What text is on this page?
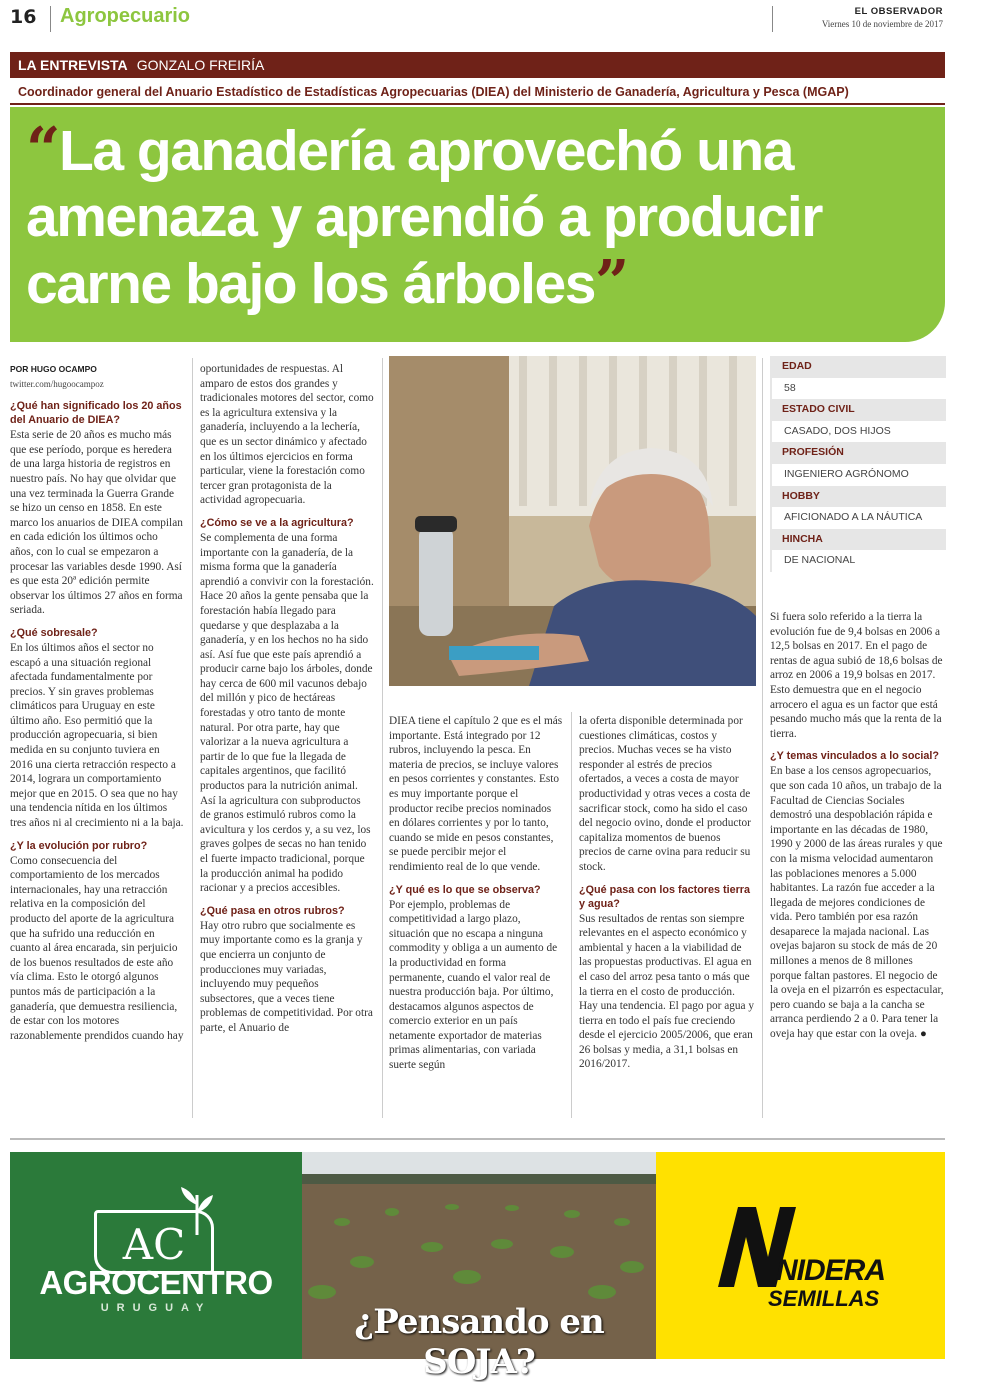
16 Agropecuario	EL OBSERVADOR
Viernes 10 de noviembre de 2017
LA ENTREVISTA GONZALO FREIRÍA
Coordinador general del Anuario Estadístico de Estadísticas Agropecuarias (DIEA) del Ministerio de Ganadería, Agricultura y Pesca (MGAP)
“La ganadería aprovechó una amenaza y aprendió a producir carne bajo los árboles”
POR HUGO OCAMPO
twitter.com/hugoocampoz
¿Qué han significado los 20 años del Anuario de DIEA?

Esta serie de 20 años es mucho más que ese período, porque es heredera de una larga historia de registros en nuestro país. No hay que olvidar que una vez terminada la Guerra Grande se hizo un censo en 1858. En este marco los anuarios de DIEA compilan en cada edición los últimos ocho años, con lo cual se empezaron a procesar las variables desde 1990. Así es que esta 20ª edición permite observar los últimos 27 años en forma seriada.

¿Qué sobresale?

En los últimos años el sector no escapó a una situación regional afectada fundamentalmente por precios. Y sin graves problemas climáticos para Uruguay en este último año. Eso permitió que la producción agropecuaria, si bien medida en su conjunto tuviera en 2016 una cierta retracción respecto a 2014, lograra un comportamiento mejor que en 2015. O sea que no hay una tendencia nítida en los últimos tres años ni al crecimiento ni a la baja.

¿Y la evolución por rubro?

Como consecuencia del comportamiento de los mercados internacionales, hay una retracción relativa en la composición del producto del aporte de la agricultura que ha sufrido una reducción en cuanto al área encarada, sin perjuicio de los buenos resultados de este año vía clima. Esto le otorgó algunos puntos más de participación a la ganadería, que demuestra resiliencia, de estar con los motores razonablemente prendidos cuando hay

oportunidades de respuestas. Al amparo de estos dos grandes y tradicionales motores del sector, como es la agricultura extensiva y la ganadería, incluyendo a la lechería, que es un sector dinámico y afectado en los últimos ejercicios en forma particular, viene la forestación como tercer gran protagonista de la actividad agropecuaria.

¿Cómo se ve a la agricultura?

Se complementa de una forma importante con la ganadería, de la misma forma que la ganadería aprendió a convivir con la forestación. Hace 20 años la gente pensaba que la forestación había llegado para quedarse y que desplazaba a la ganadería, y en los hechos no ha sido así. Así fue que este país aprendió a producir carne bajo los árboles, donde hay cerca de 600 mil vacunos debajo del millón y pico de hectáreas forestadas y otro tanto de monte natural. Por otra parte, hay que valorizar a la nueva agricultura a partir de lo que fue la llegada de capitales argentinos, que facilitó productos para la nutrición animal. Así la agricultura con subproductos de granos estimuló rubros como la avicultura y los cerdos y, a su vez, los graves golpes de secas no han tenido el fuerte impacto tradicional, porque la producción animal ha podido racionar y a precios accesibles.

¿Qué pasa en otros rubros?

Hay otro rubro que socialmente es muy importante como es la granja y que encierra un conjunto de producciones muy variadas, incluyendo muy pequeños subsectores, que a veces tiene problemas de competitividad. Por otra parte, el Anuario de

DIEA tiene el capítulo 2 que es el más importante. Está integrado por 12 rubros, incluyendo la pesca. En materia de precios, se incluye valores en pesos corrientes y constantes. Esto es muy importante porque el productor recibe precios nominados en dólares corrientes y por lo tanto, cuando se mide en pesos constantes, se puede percibir mejor el rendimiento real de lo que vende.

¿Y qué es lo que se observa?

Por ejemplo, problemas de competitividad a largo plazo, situación que no escapa a ninguna commodity y obliga a un aumento de la productividad en forma permanente, cuando el valor real de nuestra producción baja. Por último, destacamos algunos aspectos de comercio exterior en un país netamente exportador de materias primas alimentarias, con variada suerte según

la oferta disponible determinada por cuestiones climáticas, costos y precios. Muchas veces se ha visto responder al estrés de precios ofertados, a veces a costa de mayor productividad y otras veces a costa de sacrificar stock, como ha sido el caso del negocio ovino, donde el productor capitaliza momentos de buenos precios de carne ovina para reducir su stock.

¿Qué pasa con los factores tierra y agua?

Sus resultados de rentas son siempre relevantes en el aspecto económico y ambiental y hacen a la viabilidad de las propuestas productivas. El agua en el caso del arroz pesa tanto o más que la tierra en el costo de producción. Hay una tendencia. El pago por agua y tierra en todo el país fue creciendo desde el ejercicio 2005/2006, que eran 26 bolsas y media, a 31,1 bolsas en 2016/2017.

EDAD
58
ESTADO CIVIL
CASADO, DOS HIJOS
PROFESIÓN
INGENIERO AGRÓNOMO
HOBBY
AFICIONADO A LA NÁUTICA
HINCHA
DE NACIONAL

Si fuera solo referido a la tierra la evolución fue de 9,4 bolsas en 2006 a 12,5 bolsas en 2017. En el pago de rentas de agua subió de 18,6 bolsas de arroz en 2006 a 19,9 bolsas en 2017. Esto demuestra que en el negocio arrocero el agua es un factor que está pesando mucho más que la renta de la tierra.

¿Y temas vinculados a lo social?

En base a los censos agropecuarios, que son cada 10 años, un trabajo de la Facultad de Ciencias Sociales demostró una despoblación rápida e importante en las décadas de 1980, 1990 y 2000 de las áreas rurales y que con la misma velocidad aumentaron las poblaciones menores a 5.000 habitantes. La razón fue acceder a la llegada de mejores condiciones de vida. Pero también por esa razón desaparece la majada nacional. Las ovejas bajaron su stock de más de 20 millones a menos de 8 millones porque faltan pastores. El negocio de la oveja en el pizarrón es espectacular, pero cuando se baja a la cancha se arranca perdiendo 2 a 0. Para tener la oveja hay que estar con la oveja. ●

AC
AGROCENTRO
URUGUAY	¿Pensando en SOJA?
NIDERA
SEMILLAS
